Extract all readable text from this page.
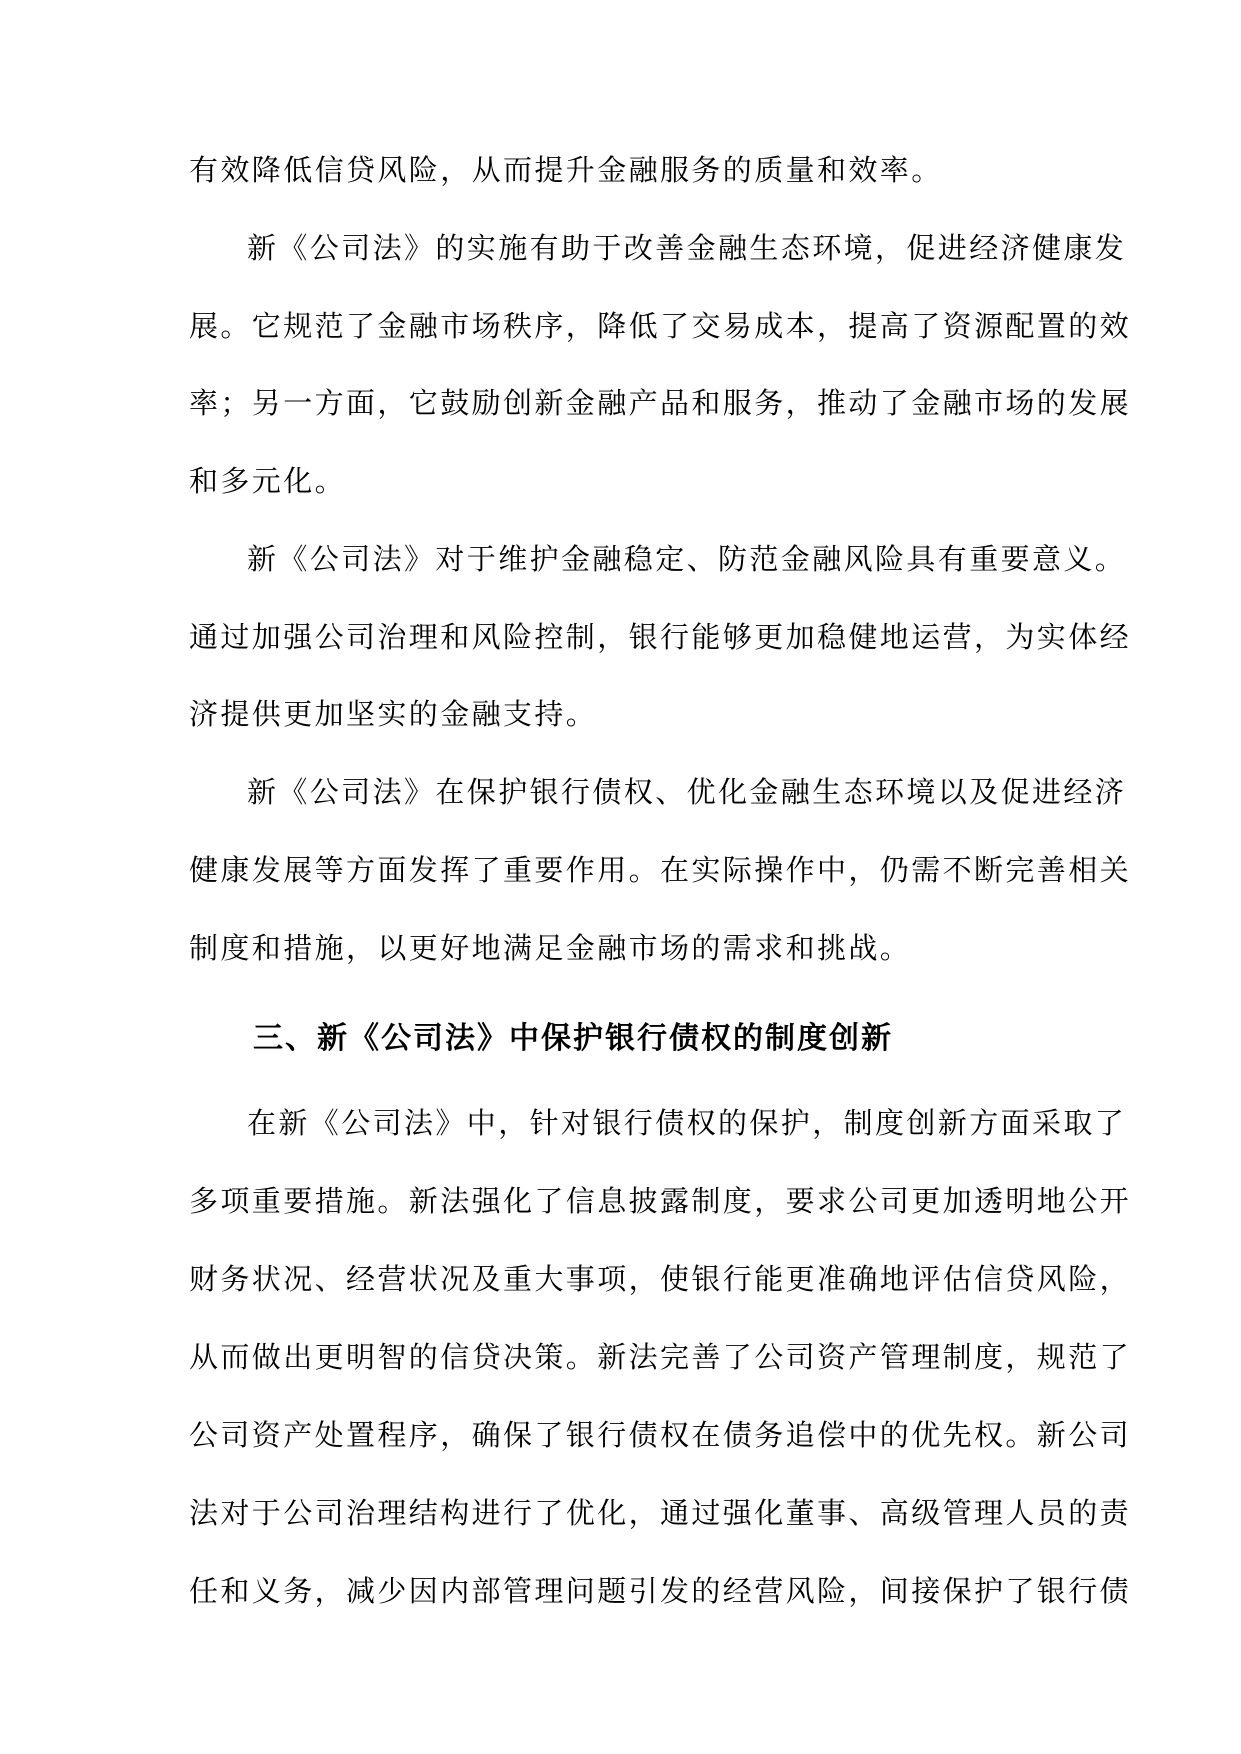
有效降低信贷风险，从而提升金融服务的质量和效率。
新《公司法》的实施有助于改善金融生态环境，促进经济健康发
展。它规范了金融市场秩序，降低了交易成本，提高了资源配置的效
率；另一方面，它鼓励创新金融产品和服务，推动了金融市场的发展
和多元化。
新《公司法》对于维护金融稳定、防范金融风险具有重要意义。
通过加强公司治理和风险控制，银行能够更加稳健地运营，为实体经
济提供更加坚实的金融支持。
新《公司法》在保护银行债权、优化金融生态环境以及促进经济
健康发展等方面发挥了重要作用。在实际操作中，仍需不断完善相关
制度和措施，以更好地满足金融市场的需求和挑战。
三、新《公司法》中保护银行债权的制度创新
在新《公司法》中，针对银行债权的保护，制度创新方面采取了
多项重要措施。新法强化了信息披露制度，要求公司更加透明地公开
财务状况、经营状况及重大事项，使银行能更准确地评估信贷风险，
从而做出更明智的信贷决策。新法完善了公司资产管理制度，规范了
公司资产处置程序，确保了银行债权在债务追偿中的优先权。新公司
法对于公司治理结构进行了优化，通过强化董事、高级管理人员的责
任和义务，减少因内部管理问题引发的经营风险，间接保护了银行债
